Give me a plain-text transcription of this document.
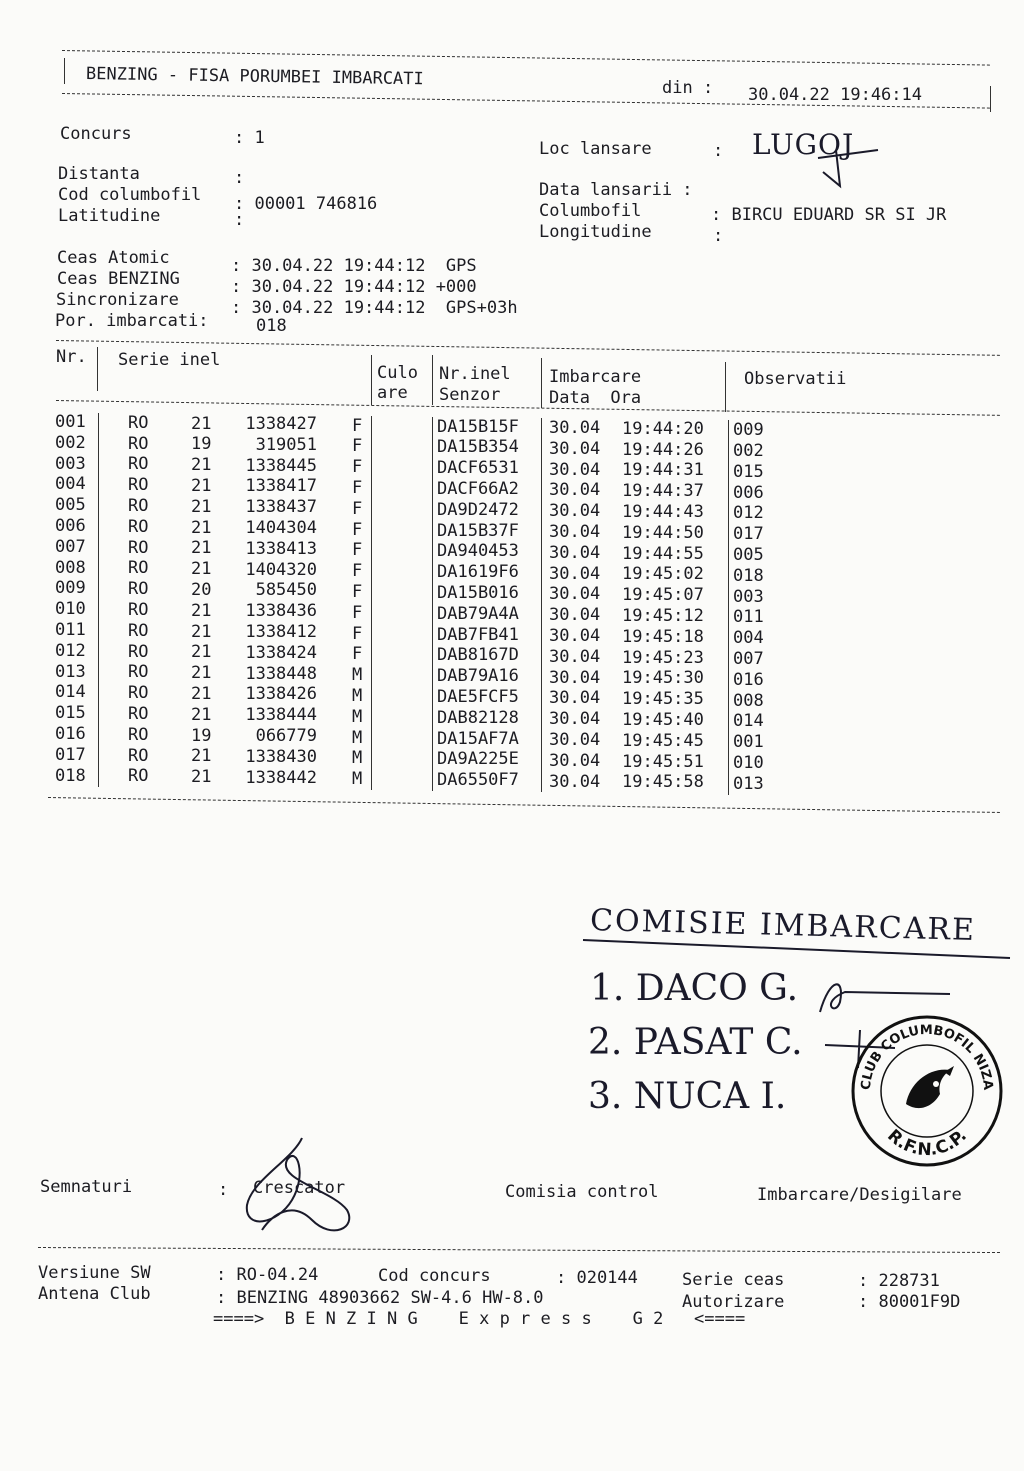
BENZING - FISA PORUMBEI IMBARCATI	din : 30.04.22 19:46:14
Concurs	: 1
Distanta	:
Cod columbofil : 00001 746816
Latitudine	:
Loc lansare	: LUGOJ
Data lansarii :
Columbofil	: BIRCU EDUARD SR SI JR
Longitudine	:
Ceas Atomic	: 30.04.22 19:44:12  GPS
Ceas BENZING	: 30.04.22 19:44:12 +000
Sincronizare	: 30.04.22 19:44:12  GPS+03h
Por. imbarcati:	018
Nr. Serie inel
Culo
are
Nr.inel
Senzor
Imbarcare
Data  Ora
Observatii
001 RO	21	1338427 F	DA15B15F 30.04 19:44:20 009
002 RO	19	319051 F	DA15B354 30.04 19:44:26 002
003 RO	21	1338445 F	DACF6531 30.04 19:44:31 015
004 RO	21	1338417 F	DACF66A2 30.04 19:44:37 006
005 RO	21	1338437 F	DA9D2472 30.04 19:44:43 012
006 RO	21	1404304 F	DA15B37F 30.04 19:44:50 017
007 RO	21	1338413 F	DA940453 30.04 19:44:55 005
008 RO	21	1404320 F	DA1619F6 30.04 19:45:02 018
009 RO	20	585450 F	DA15B016 30.04 19:45:07 003
010 RO	21	1338436 F	DAB79A4A 30.04 19:45:12 011
011 RO	21	1338412 F	DAB7FB41 30.04 19:45:18 004
012 RO	21	1338424 F	DAB8167D 30.04 19:45:23 007
013 RO	21	1338448 M	DAB79A16 30.04 19:45:30 016
014 RO	21	1338426 M	DAE5FCF5 30.04 19:45:35 008
015 RO	21	1338444 M	DAB82128 30.04 19:45:40 014
016 RO	19	066779 M	DA15AF7A 30.04 19:45:45 001
017 RO	21	1338430 M	DA9A225E 30.04 19:45:51 010
018 RO	21	1338442 M	DA6550F7 30.04 19:45:58 013
COMISIE IMBARCARE
1. DACO G.
2. PASAT C.
3. NUCA I.	CLUB COLUMBOFIL NIZA
R.F.N.C.P.
Semnaturi	: Crescator	Comisia control	Imbarcare/Desigilare
Versiune SW	: RO-04.24	Cod concurs	: 020144	Serie ceas	: 228731
Antena Club	: BENZING 48903662 SW-4.6 HW-8.0	Autorizare	: 80001F9D
====>  B E N Z I N G    E x p r e s s    G 2   <====
